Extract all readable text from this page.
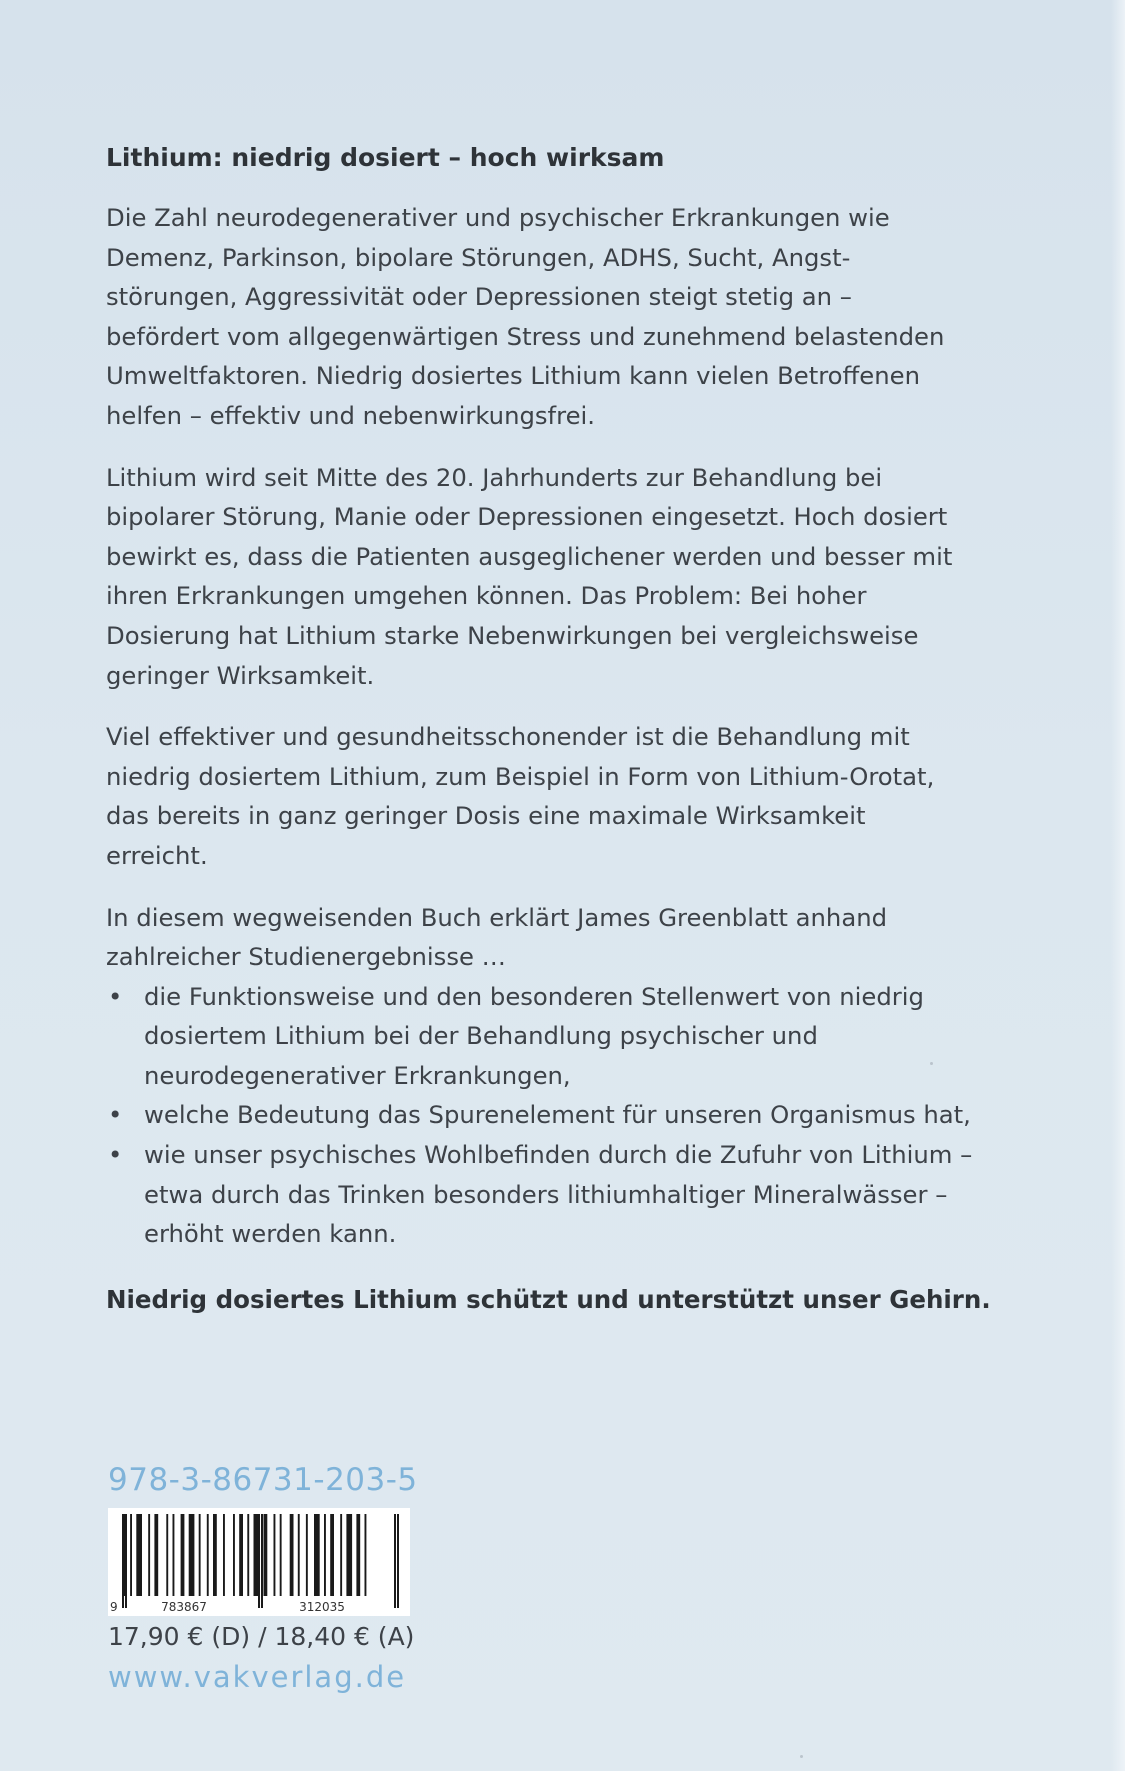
Lithium: niedrig dosiert – hoch wirksam
Die Zahl neurodegenerativer und psychischer Erkrankungen wie
Demenz, Parkinson, bipolare Störungen, ADHS, Sucht, Angst-
störungen, Aggressivität oder Depressionen steigt stetig an –
befördert vom allgegenwärtigen Stress und zunehmend belastenden
Umweltfaktoren. Niedrig dosiertes Lithium kann vielen Betroffenen
helfen – effektiv und nebenwirkungsfrei.
Lithium wird seit Mitte des 20. Jahrhunderts zur Behandlung bei
bipolarer Störung, Manie oder Depressionen eingesetzt. Hoch dosiert
bewirkt es, dass die Patienten ausgeglichener werden und besser mit
ihren Erkrankungen umgehen können. Das Problem: Bei hoher
Dosierung hat Lithium starke Nebenwirkungen bei vergleichsweise
geringer Wirksamkeit.
Viel effektiver und gesundheitsschonender ist die Behandlung mit
niedrig dosiertem Lithium, zum Beispiel in Form von Lithium-Orotat,
das bereits in ganz geringer Dosis eine maximale Wirksamkeit
erreicht.
In diesem wegweisenden Buch erklärt James Greenblatt anhand
zahlreicher Studienergebnisse …
• die Funktionsweise und den besonderen Stellenwert von niedrig
dosiertem Lithium bei der Behandlung psychischer und
neurodegenerativer Erkrankungen,
• welche Bedeutung das Spurenelement für unseren Organismus hat,
• wie unser psychisches Wohlbefinden durch die Zufuhr von Lithium –
etwa durch das Trinken besonders lithiumhaltiger Mineralwässer –
erhöht werden kann.
Niedrig dosiertes Lithium schützt und unterstützt unser Gehirn.
978-3-86731-203-5
9	783867	312035
17,90 € (D) / 18,40 € (A)
www.vakverlag.de
